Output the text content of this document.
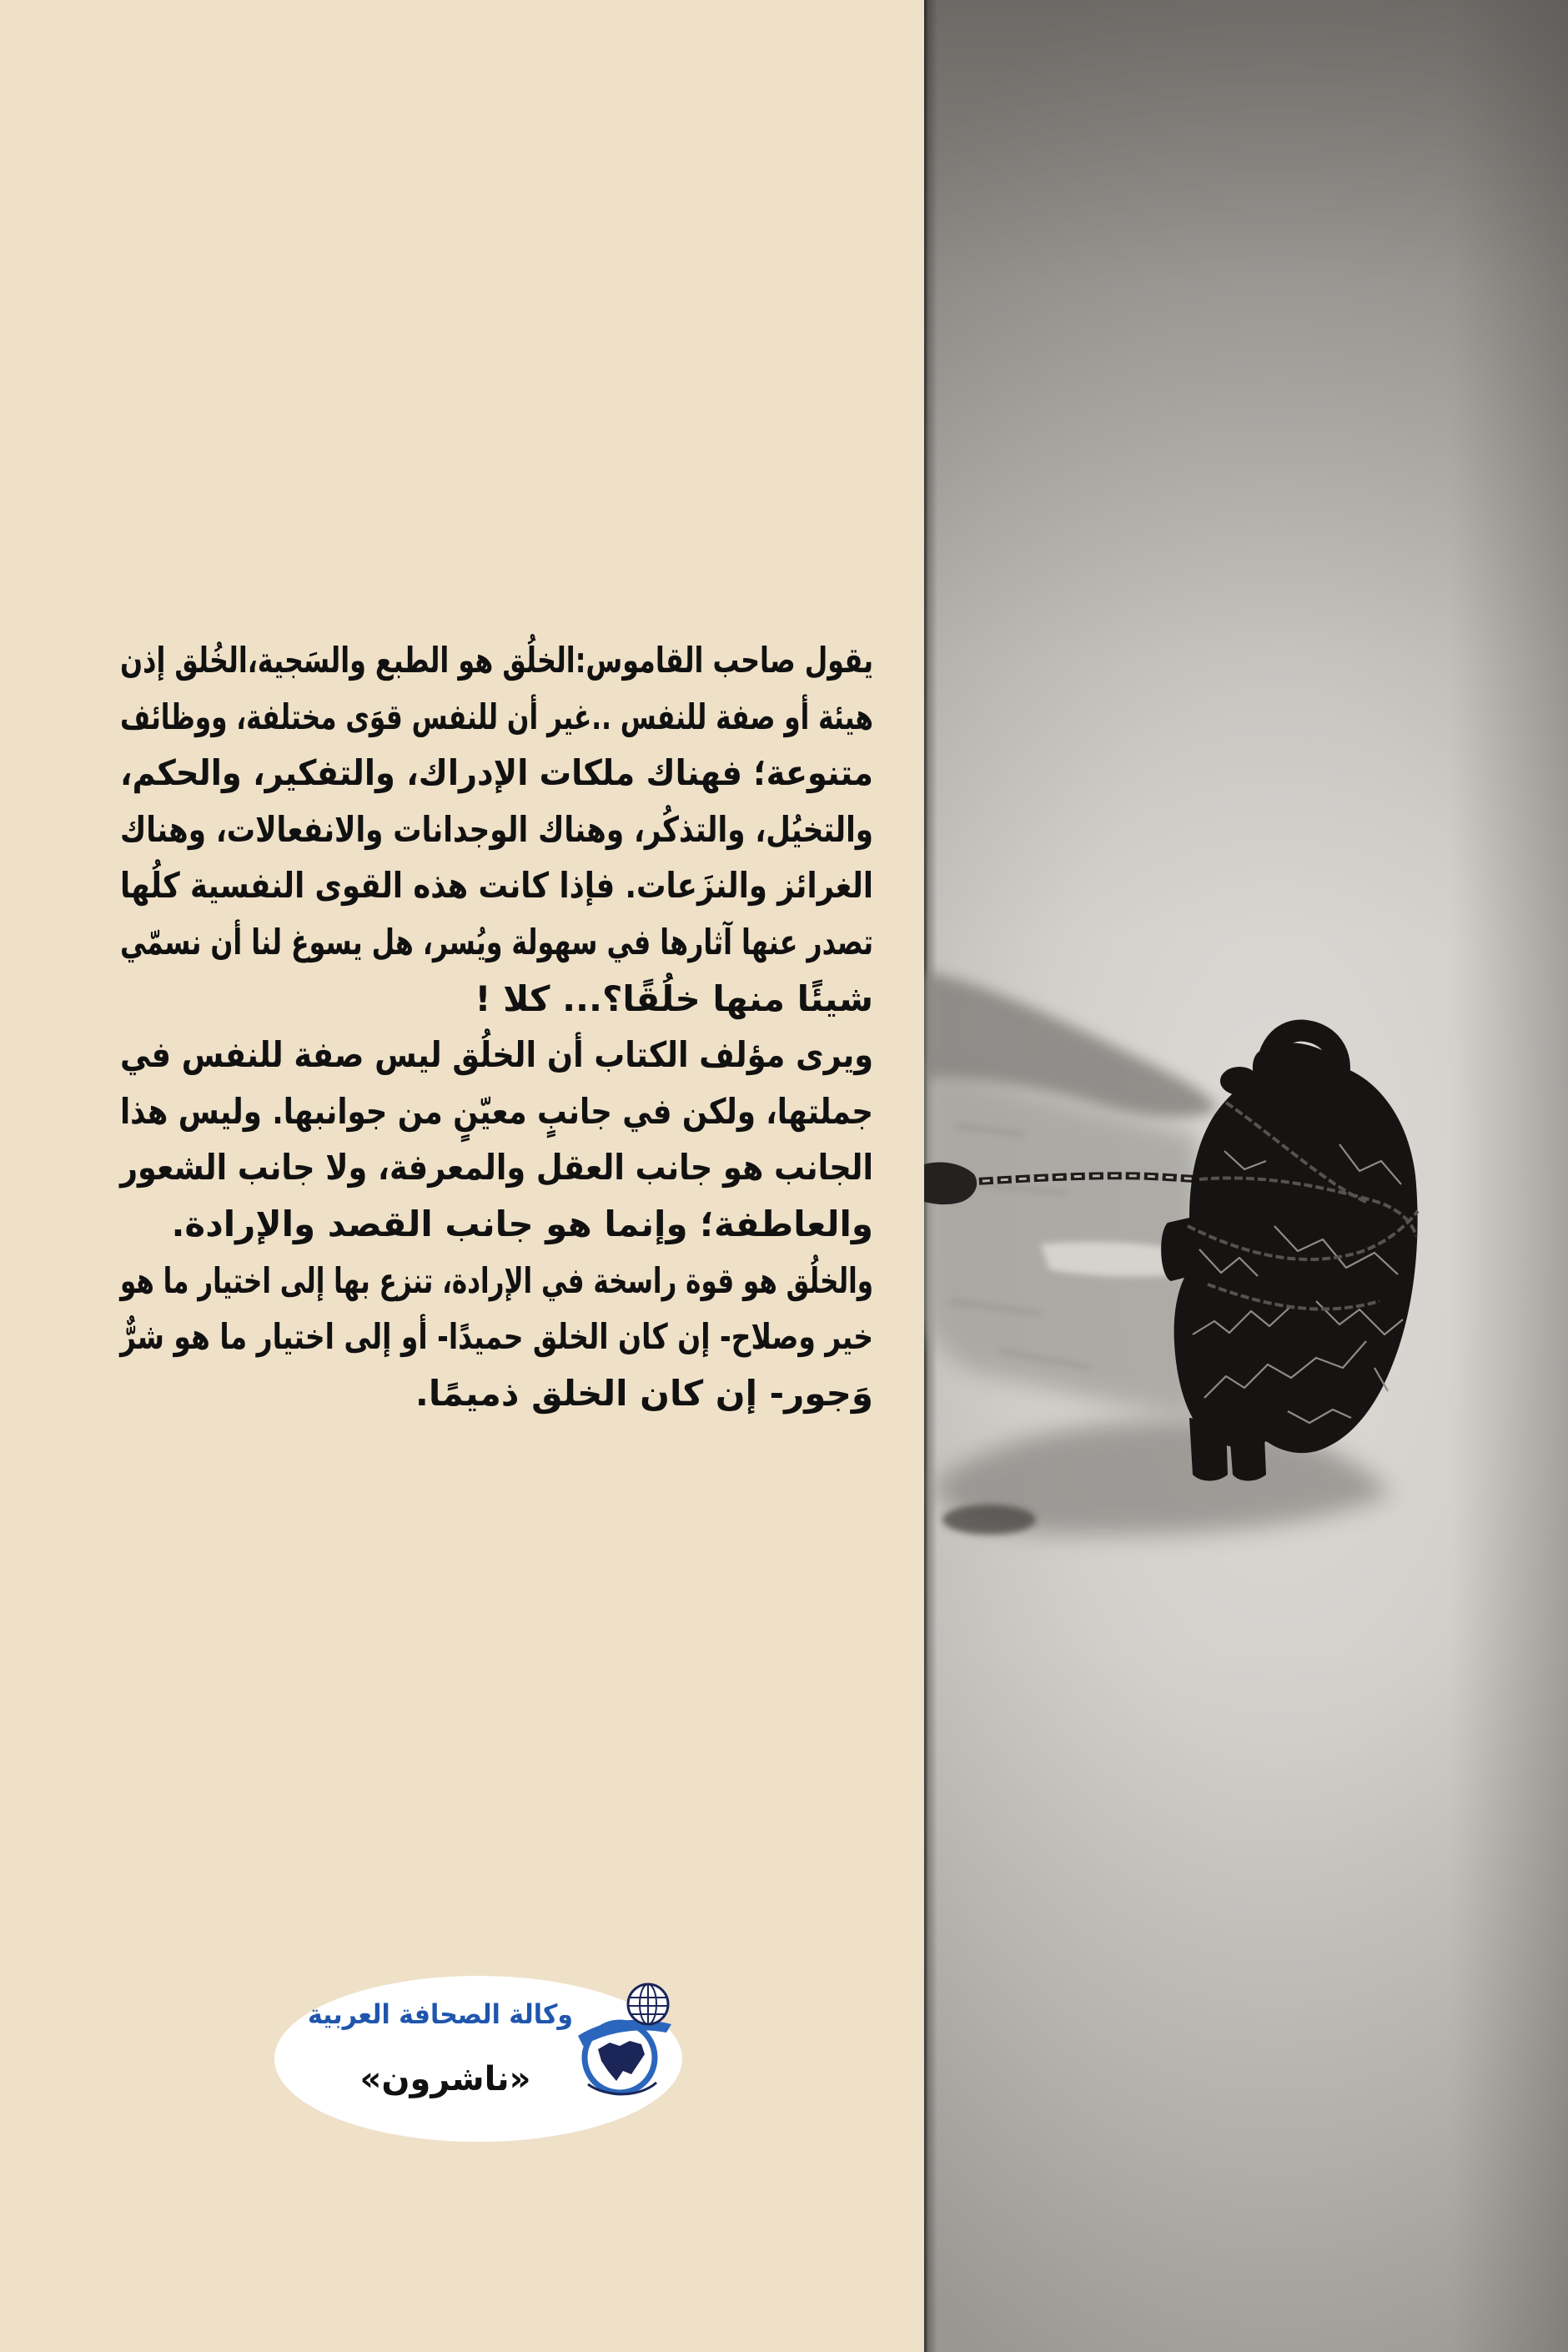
يقول صاحب القاموس:الخلُق هو الطبع والسَجية،الخُلق إذن
هيئة أو صفة للنفس ..غير أن للنفس قوَى مختلفة، ووظائف
متنوعة؛ فهناك ملكات الإدراك، والتفكير، والحكم،
والتخيُل، والتذكُر، وهناك الوجدانات والانفعالات، وهناك
الغرائز والنزَعات. فإذا كانت هذه القوى النفسية كلُها
تصدر عنها آثارها في سهولة ويُسر، هل يسوغ لنا أن نسمّي
شيئًا منها خلُقًا؟... كلا !
ويرى مؤلف الكتاب أن الخلُق ليس صفة للنفس في
جملتها، ولكن في جانبٍ معيّنٍ من جوانبها. وليس هذا
الجانب هو جانب العقل والمعرفة، ولا جانب الشعور
والعاطفة؛ وإنما هو جانب القصد والإرادة.
والخلُق هو قوة راسخة في الإرادة، تنزع بها إلى اختيار ما هو
خير وصلاح- إن كان الخلق حميدًا- أو إلى اختيار ما هو شرٌّ
وَجور- إن كان الخلق ذميمًا.
وكالة الصحافة العربية
«ناشرون»
